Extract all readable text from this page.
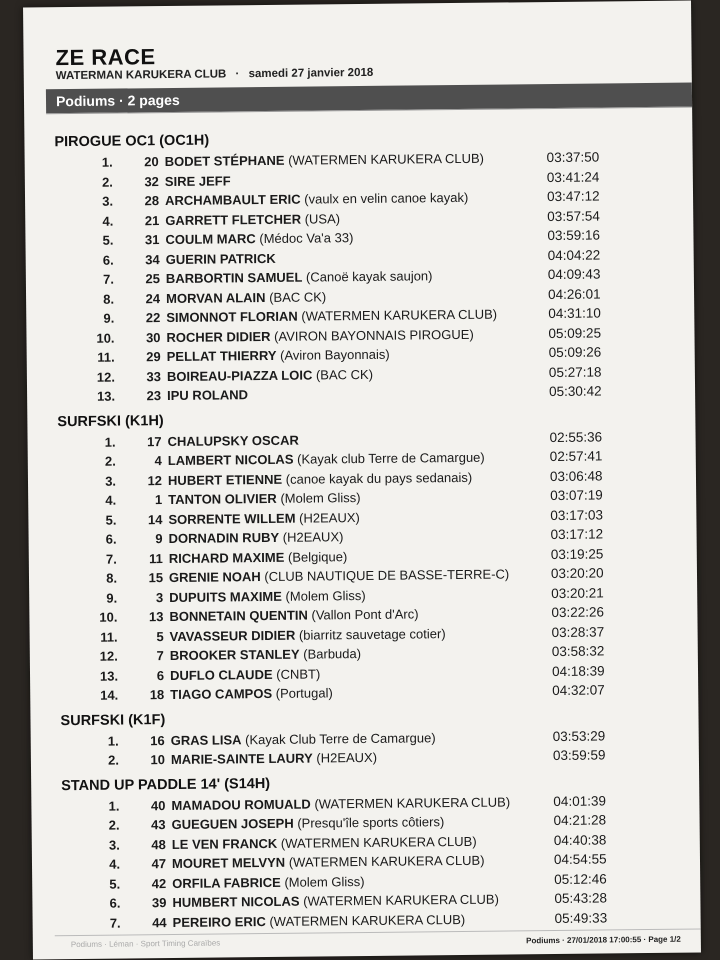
ZE RACE
WATERMAN KARUKERA CLUB · samedi 27 janvier 2018
Podiums · 2 pages
PIROGUE OC1 (OC1H)
1.	20 BODET STÉPHANE (WATERMEN KARUKERA CLUB)	03:37:50
2.	32 SIRE JEFF	03:41:24
3.	28 ARCHAMBAULT ERIC (vaulx en velin canoe kayak)	03:47:12
4.	21 GARRETT FLETCHER (USA)	03:57:54
5.	31 COULM MARC (Médoc Va'a 33)	03:59:16
6.	34 GUERIN PATRICK	04:04:22
7.	25 BARBORTIN SAMUEL (Canoë kayak saujon)	04:09:43
8.	24 MORVAN ALAIN (BAC CK)	04:26:01
9.	22 SIMONNOT FLORIAN (WATERMEN KARUKERA CLUB)	04:31:10
10.	30 ROCHER DIDIER (AVIRON BAYONNAIS PIROGUE)	05:09:25
11.	29 PELLAT THIERRY (Aviron Bayonnais)	05:09:26
12.	33 BOIREAU-PIAZZA LOIC (BAC CK)	05:27:18
13.	23 IPU ROLAND	05:30:42
SURFSKI (K1H)
1.	17 CHALUPSKY OSCAR	02:55:36
2.	4 LAMBERT NICOLAS (Kayak club Terre de Camargue)	02:57:41
3.	12 HUBERT ETIENNE (canoe kayak du pays sedanais)	03:06:48
4.	1 TANTON OLIVIER (Molem Gliss)	03:07:19
5.	14 SORRENTE WILLEM (H2EAUX)	03:17:03
6.	9 DORNADIN RUBY (H2EAUX)	03:17:12
7.	11 RICHARD MAXIME (Belgique)	03:19:25
8.	15 GRENIE NOAH (CLUB NAUTIQUE DE BASSE-TERRE-C)	03:20:20
9.	3 DUPUITS MAXIME (Molem Gliss)	03:20:21
10.	13 BONNETAIN QUENTIN (Vallon Pont d'Arc)	03:22:26
11.	5 VAVASSEUR DIDIER (biarritz sauvetage cotier)	03:28:37
12.	7 BROOKER STANLEY (Barbuda)	03:58:32
13.	6 DUFLO CLAUDE (CNBT)	04:18:39
14.	18 TIAGO CAMPOS (Portugal)	04:32:07
SURFSKI (K1F)
1.	16 GRAS LISA (Kayak Club Terre de Camargue)	03:53:29
2.	10 MARIE-SAINTE LAURY (H2EAUX)	03:59:59
STAND UP PADDLE 14' (S14H)
1.	40 MAMADOU ROMUALD (WATERMEN KARUKERA CLUB)	04:01:39
2.	43 GUEGUEN JOSEPH (Presqu'île sports côtiers)	04:21:28
3.	48 LE VEN FRANCK (WATERMEN KARUKERA CLUB)	04:40:38
4.	47 MOURET MELVYN (WATERMEN KARUKERA CLUB)	04:54:55
5.	42 ORFILA FABRICE (Molem Gliss)	05:12:46
6.	39 HUMBERT NICOLAS (WATERMEN KARUKERA CLUB)	05:43:28
7.	44 PEREIRO ERIC (WATERMEN KARUKERA CLUB)	05:49:33
Podiums · Léman · Sport Timing Caraïbes	Podiums · 27/01/2018 17:00:55 · Page 1/2
